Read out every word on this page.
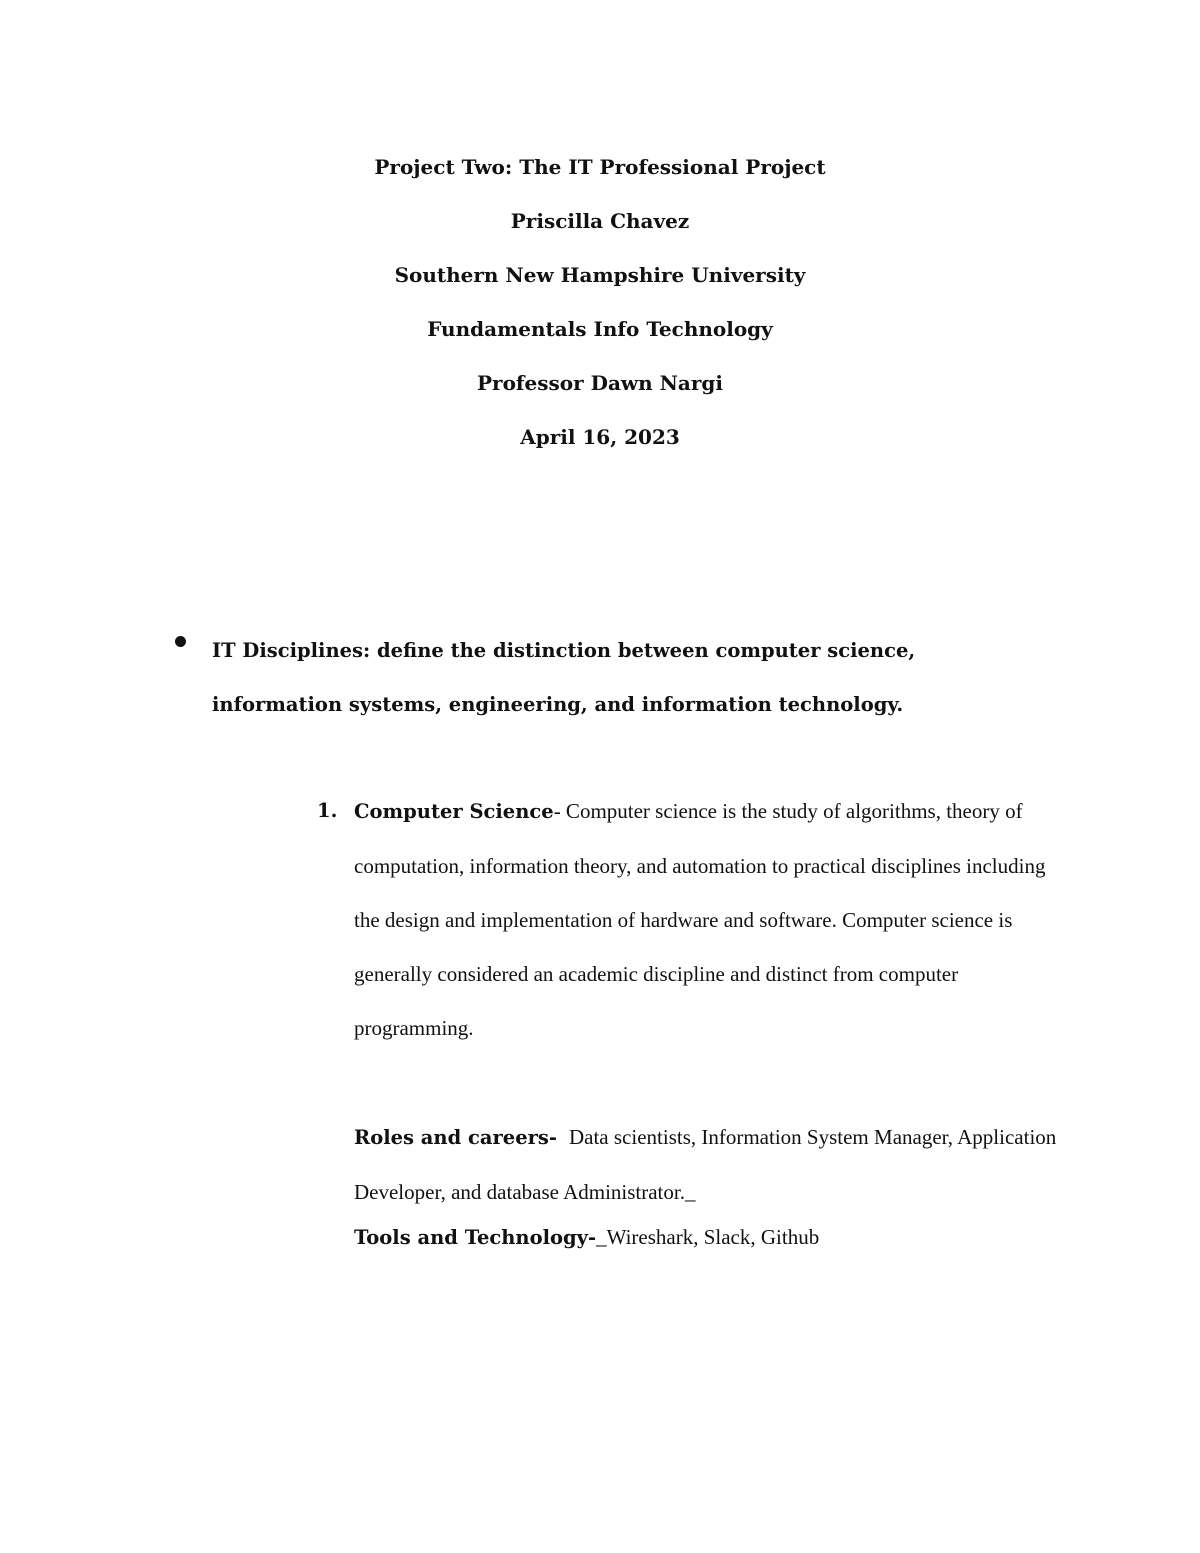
Project Two: The IT Professional Project
Priscilla Chavez
Southern New Hampshire University
Fundamentals Info Technology
Professor Dawn Nargi
April 16, 2023
IT Disciplines: define the distinction between computer science, information systems, engineering, and information technology.
1. Computer Science- Computer science is the study of algorithms, theory of computation, information theory, and automation to practical disciplines including the design and implementation of hardware and software. Computer science is generally considered an academic discipline and distinct from computer programming.
Roles and careers- Data scientists, Information System Manager, Application Developer, and database Administrator._
Tools and Technology-_Wireshark, Slack, Github
